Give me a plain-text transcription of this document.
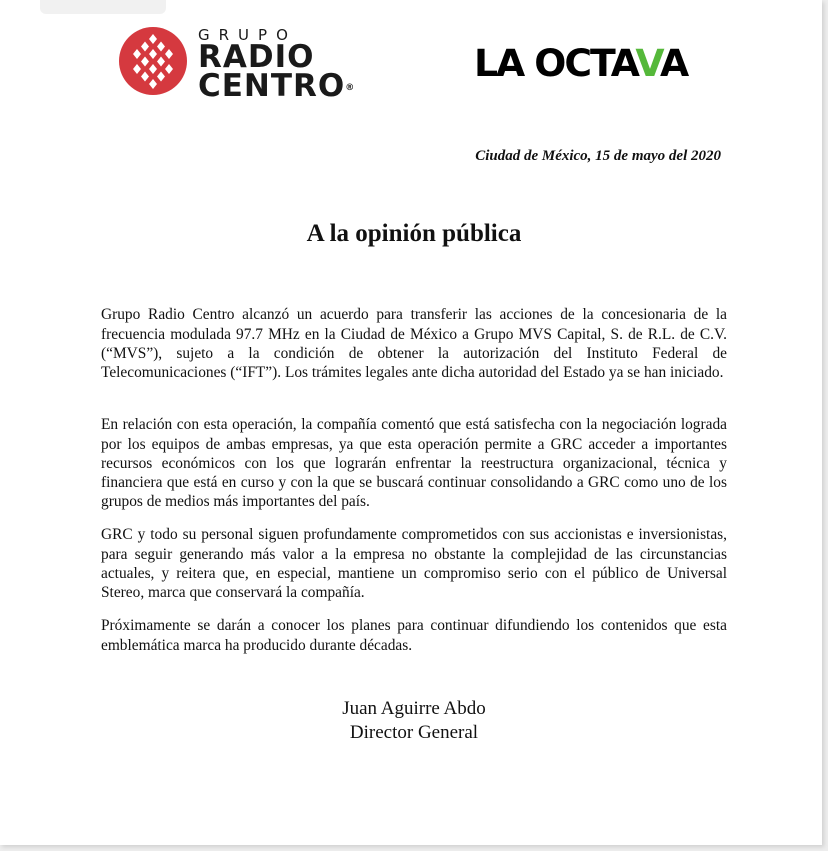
GRUPO
RADIO
CENTRO®
LA OCTAVA
Ciudad de México, 15 de mayo del 2020
A la opinión pública

Grupo Radio Centro alcanzó un acuerdo para transferir las acciones de la concesionaria de la frecuencia modulada 97.7 MHz en la Ciudad de México a Grupo MVS Capital, S. de R.L. de C.V. (“MVS”), sujeto a la condición de obtener la autorización del Instituto Federal de Telecomunicaciones (“IFT”). Los trámites legales ante dicha autoridad del Estado ya se han iniciado.

En relación con esta operación, la compañía comentó que está satisfecha con la negociación lograda por los equipos de ambas empresas, ya que esta operación permite a GRC acceder a importantes recursos económicos con los que lograrán enfrentar la reestructura organizacional, técnica y financiera que está en curso y con la que se buscará continuar consolidando a GRC como uno de los grupos de medios más importantes del país.

GRC y todo su personal siguen profundamente comprometidos con sus accionistas e inversionistas, para seguir generando más valor a la empresa no obstante la complejidad de las circunstancias actuales, y reitera que, en especial, mantiene un compromiso serio con el público de Universal Stereo, marca que conservará la compañía.

Próximamente se darán a conocer los planes para continuar difundiendo los contenidos que esta emblemática marca ha producido durante décadas.

Juan Aguirre Abdo
Director General
